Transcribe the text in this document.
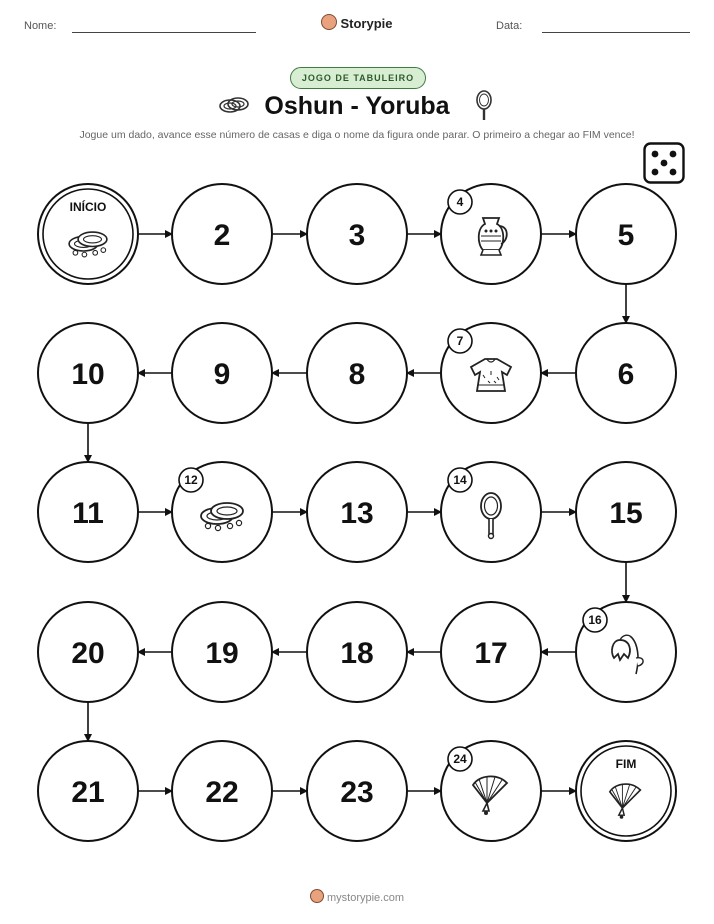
Nome:	Storypie	Data:
JOGO DE TABULEIRO
Oshun - Yoruba
Jogue um dado, avance esse número de casas e diga o nome da figura onde parar. O primeiro a chegar ao FIM vence!
INÍCIO
2	3
4
5
6
7
8
9
10
11
12
13
14
15
16
17
18
19
20
21	22	23
24	FIM
mystorypie.com
